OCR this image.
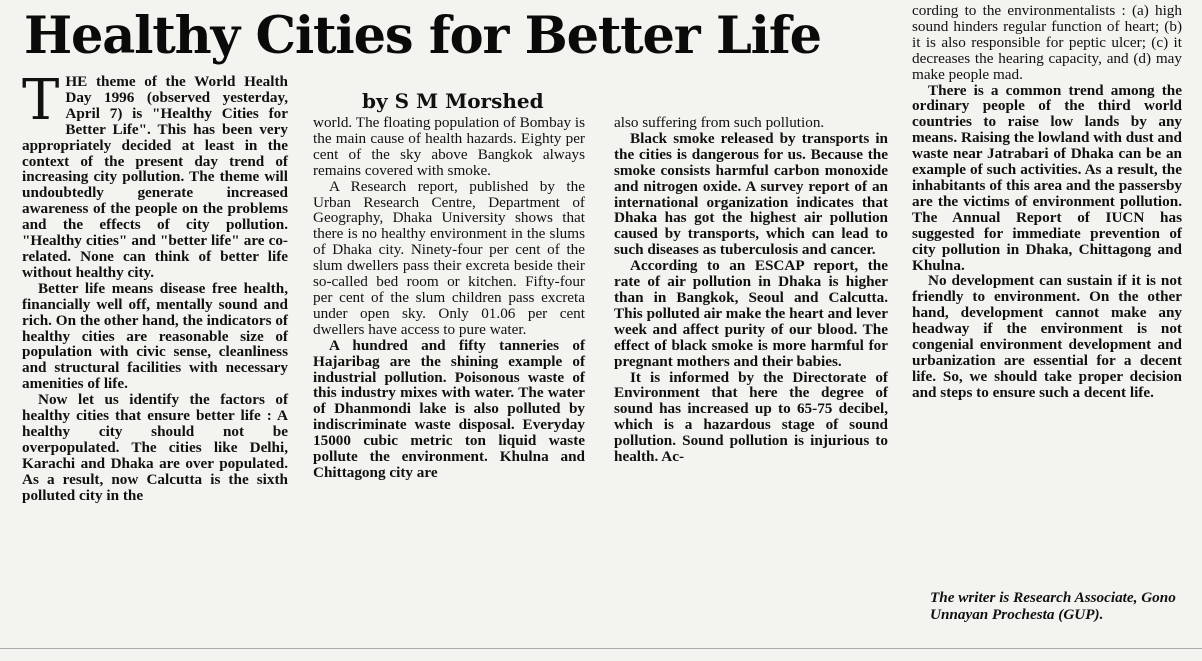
Healthy Cities for Better Life
by S M Morshed

THE theme of the World Health Day 1996 (observed yesterday, April 7) is "Healthy Cities for Better Life". This has been very appropriately decided at least in the context of the present day trend of increasing city pollution. The theme will undoubtedly generate increased awareness of the people on the problems and the effects of city pollution. "Healthy cities" and "better life" are co-related. None can think of better life without healthy city.

Better life means disease free health, financially well off, mentally sound and rich. On the other hand, the indicators of healthy cities are reasonable size of population with civic sense, cleanliness and structural facilities with necessary amenities of life.

Now let us identify the factors of healthy cities that ensure better life : A healthy city should not be overpopulated. The cities like Delhi, Karachi and Dhaka are over populated. As a result, now Calcutta is the sixth polluted city in the

world. The floating population of Bombay is the main cause of health hazards. Eighty per cent of the sky above Bangkok always remains covered with smoke.

A Research report, published by the Urban Research Centre, Department of Geography, Dhaka University shows that there is no healthy environment in the slums of Dhaka city. Ninety-four per cent of the slum dwellers pass their excreta beside their so-called bed room or kitchen. Fifty-four per cent of the slum children pass excreta under open sky. Only 01.06 per cent dwellers have access to pure water.

A hundred and fifty tanneries of Hajaribag are the shining example of industrial pollution. Poisonous waste of this industry mixes with water. The water of Dhanmondi lake is also polluted by indiscriminate waste disposal. Everyday 15000 cubic metric ton liquid waste pollute the environment. Khulna and Chittagong city are

also suffering from such pollution.

Black smoke released by transports in the cities is dangerous for us. Because the smoke consists harmful carbon monoxide and nitrogen oxide. A survey report of an international organization indicates that Dhaka has got the highest air pollution caused by transports, which can lead to such diseases as tuberculosis and cancer.

According to an ESCAP report, the rate of air pollution in Dhaka is higher than in Bangkok, Seoul and Calcutta. This polluted air make the heart and lever week and affect purity of our blood. The effect of black smoke is more harmful for pregnant mothers and their babies.

It is informed by the Directorate of Environment that here the degree of sound has increased up to 65-75 decibel, which is a hazardous stage of sound pollution. Sound pollution is injurious to health. Ac-

cording to the environmentalists : (a) high sound hinders regular function of heart; (b) it is also responsible for peptic ulcer; (c) it decreases the hearing capacity, and (d) may make people mad.

There is a common trend among the ordinary people of the third world countries to raise low lands by any means. Raising the lowland with dust and waste near Jatrabari of Dhaka can be an example of such activities. As a result, the inhabitants of this area and the passersby are the victims of environment pollution. The Annual Report of IUCN has suggested for immediate prevention of city pollution in Dhaka, Chittagong and Khulna.

No development can sustain if it is not friendly to environment. On the other hand, development cannot make any headway if the environment is not congenial environment development and urbanization are essential for a decent life. So, we should take proper decision and steps to ensure such a decent life.

The writer is Research Associate, Gono Unnayan Prochesta (GUP).
